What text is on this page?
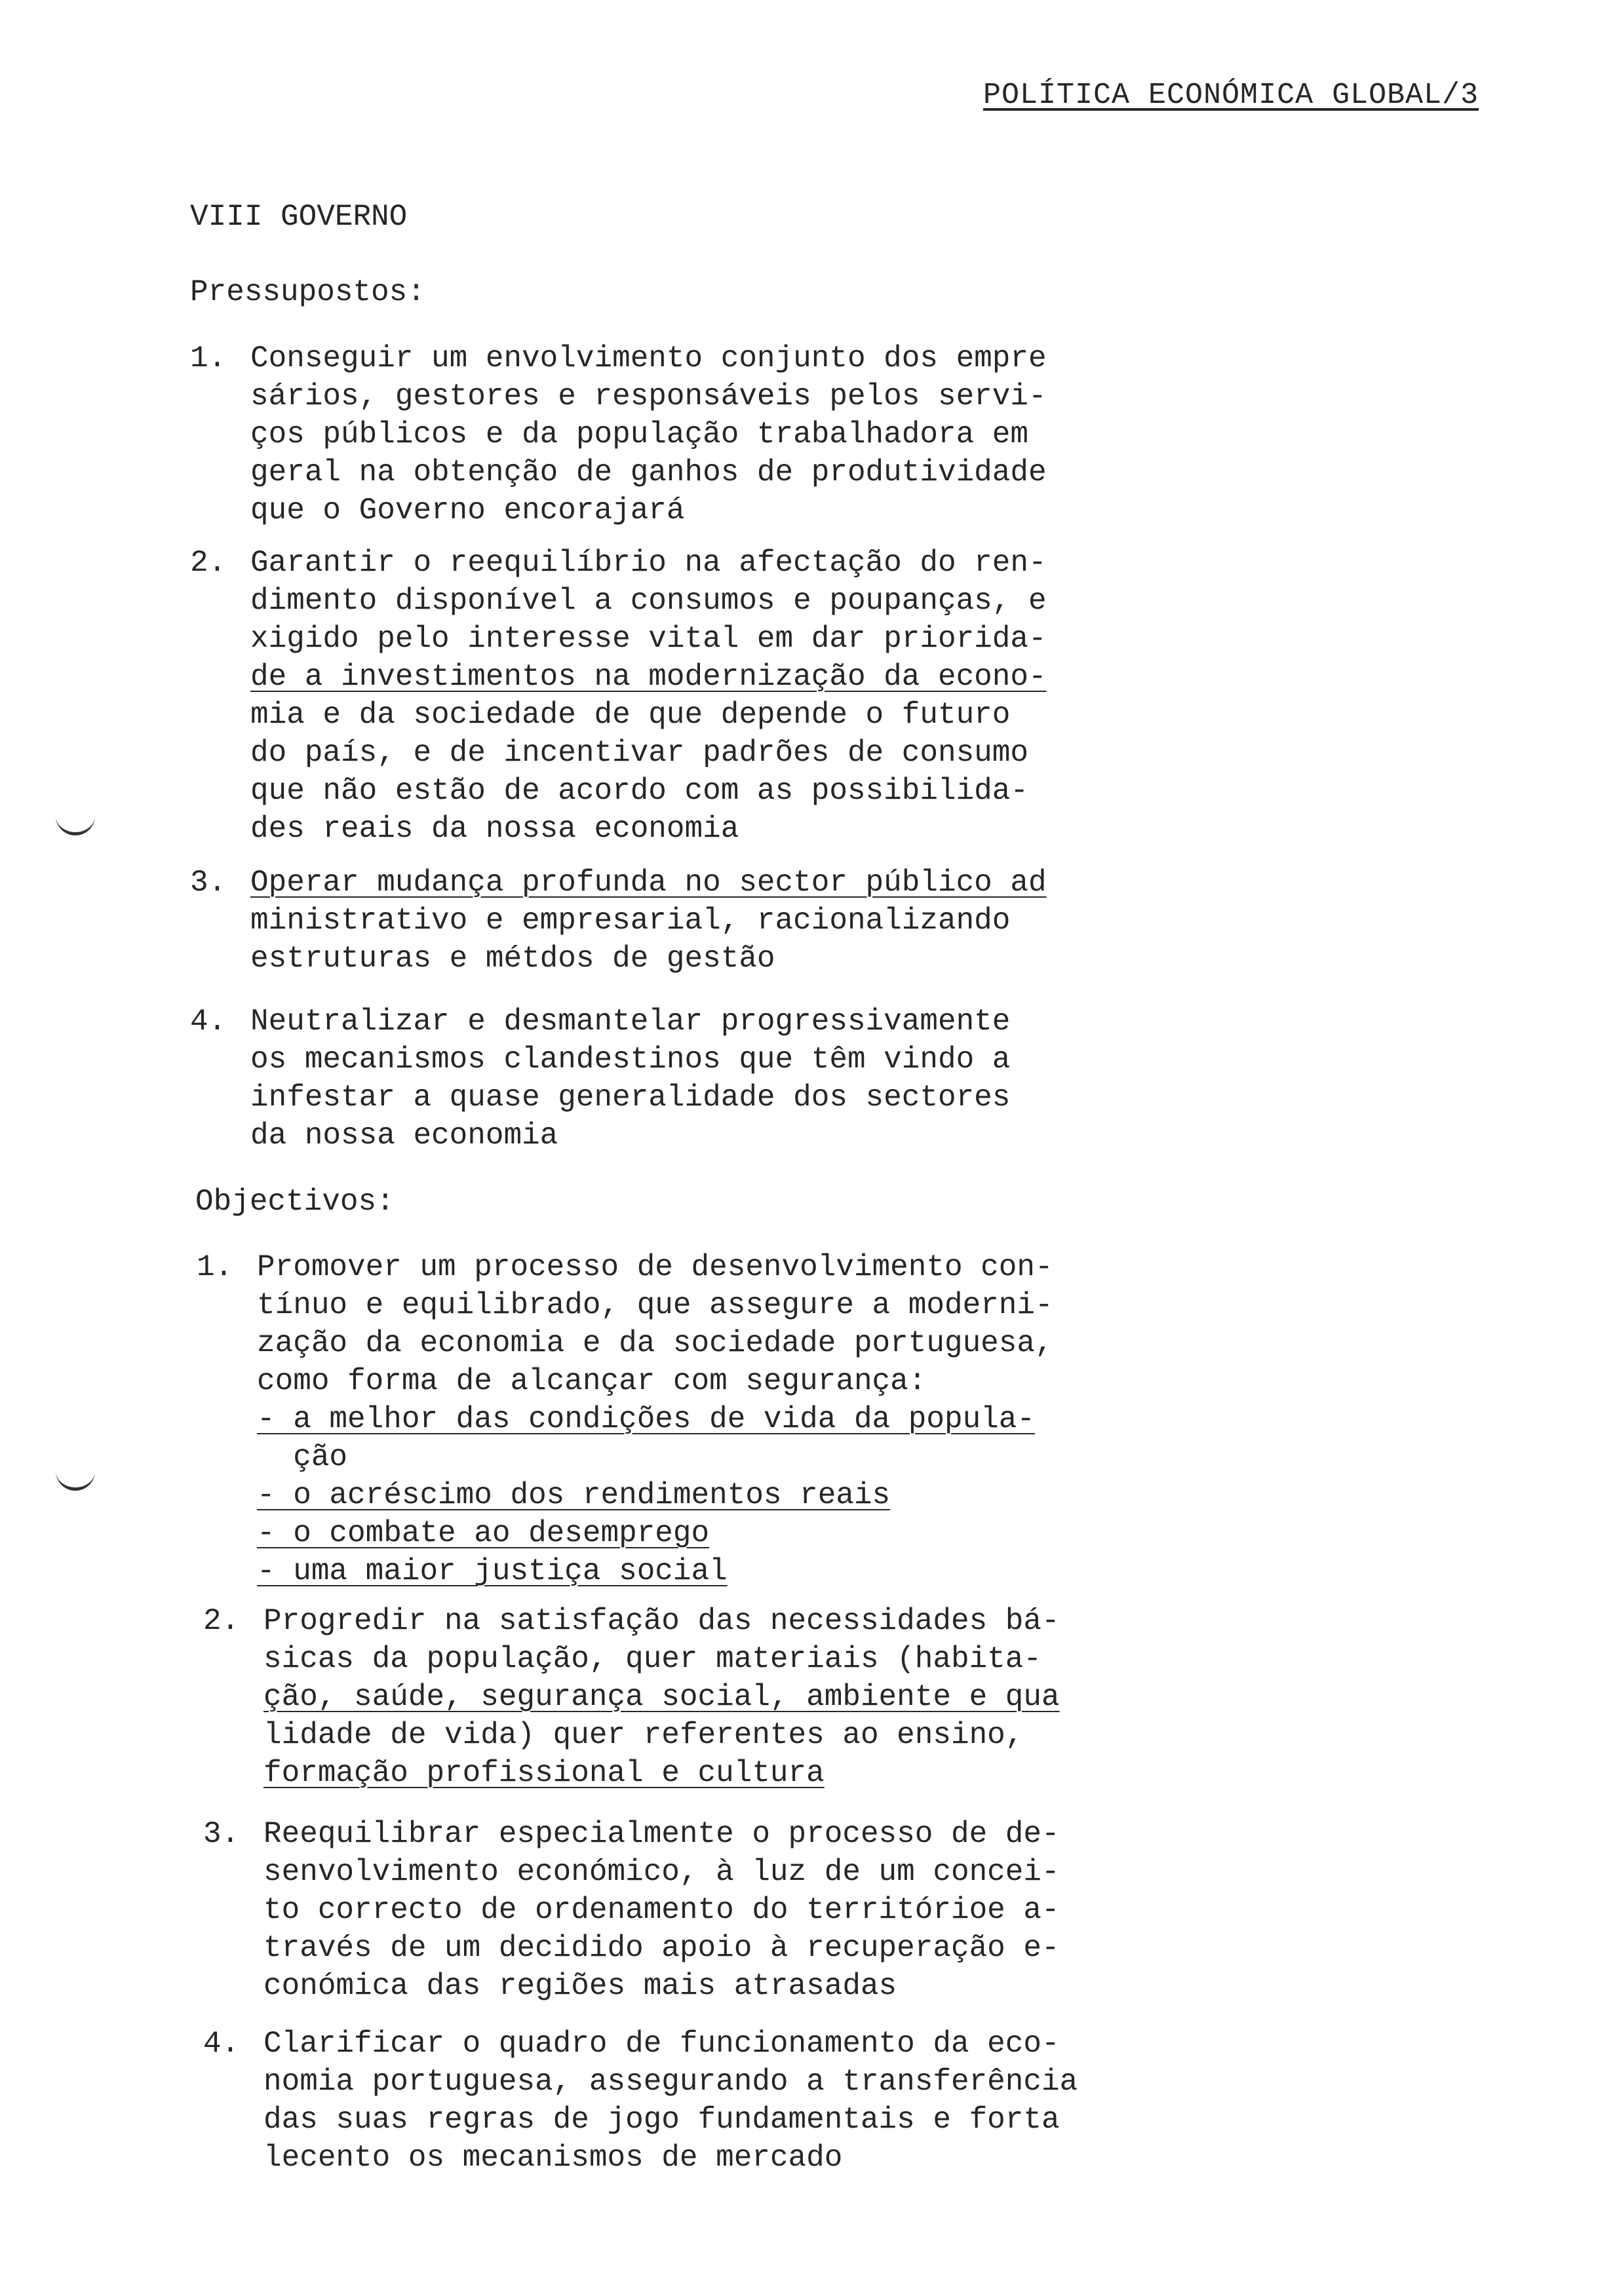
POLÍTICA ECONÓMICA GLOBAL/3
VIII GOVERNO
Pressupostos:
1. Conseguir um envolvimento conjunto dos empre
sários, gestores e responsáveis pelos servi-
ços públicos e da população trabalhadora em
geral na obtenção de ganhos de produtividade
que o Governo encorajará
2. Garantir o reequilíbrio na afectação do ren-
dimento disponível a consumos e poupanças, e
xigido pelo interesse vital em dar priorida-
de a investimentos na modernização da econo-
mia e da sociedade de que depende o futuro
do país, e de incentivar padrões de consumo
que não estão de acordo com as possibilida-
des reais da nossa economia
3. Operar mudança profunda no sector público ad
ministrativo e empresarial, racionalizando
estruturas e métdos de gestão
4. Neutralizar e desmantelar progressivamente
os mecanismos clandestinos que têm vindo a
infestar a quase generalidade dos sectores
da nossa economia
Objectivos:
1. Promover um processo de desenvolvimento con-
tínuo e equilibrado, que assegure a moderni-
zação da economia e da sociedade portuguesa,
como forma de alcançar com segurança:
- a melhor das condições de vida da popula-
ção
- o acréscimo dos rendimentos reais
- o combate ao desemprego
- uma maior justiça social
2. Progredir na satisfação das necessidades bá-
sicas da população, quer materiais (habita-
ção, saúde, segurança social, ambiente e qua
lidade de vida) quer referentes ao ensino,
formação profissional e cultura
3. Reequilibrar especialmente o processo de de-
senvolvimento económico, à luz de um concei-
to correcto de ordenamento do territórioe a-
través de um decidido apoio à recuperação e-
conómica das regiões mais atrasadas
4. Clarificar o quadro de funcionamento da eco-
nomia portuguesa, assegurando a transferência
das suas regras de jogo fundamentais e forta
lecento os mecanismos de mercado
